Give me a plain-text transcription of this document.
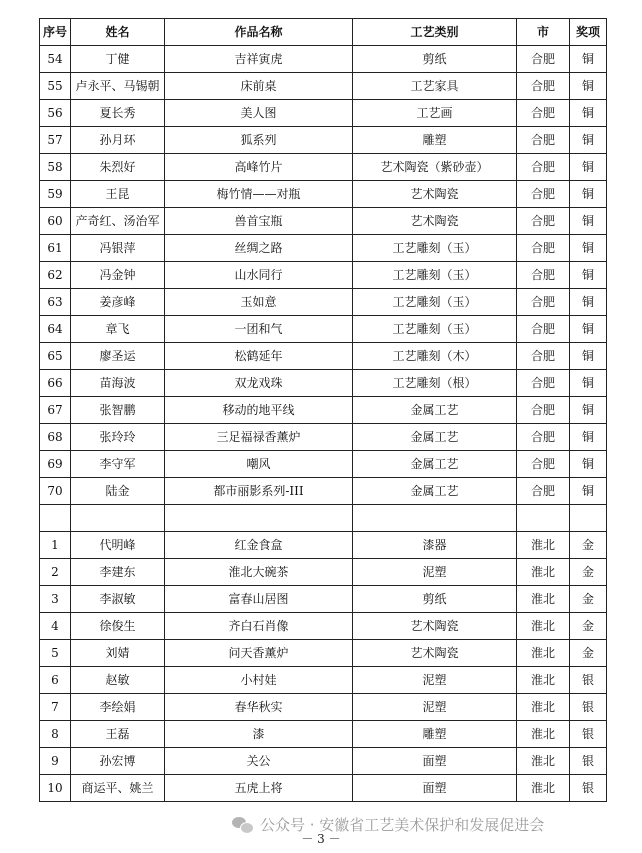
序号	姓名	作品名称	工艺类别	市	奖项
54	丁健	吉祥寅虎	剪纸	合肥	铜
55	卢永平、马锡朝	床前桌	工艺家具	合肥	铜
56	夏长秀	美人图	工艺画	合肥	铜
57	孙月环	狐系列	雕塑	合肥	铜
58	朱烈好	高峰竹片	艺术陶瓷（紫砂壶）	合肥	铜
59	王昆	梅竹情——对瓶	艺术陶瓷	合肥	铜
60	产奇红、汤治军	兽首宝瓶	艺术陶瓷	合肥	铜
61	冯银萍	丝绸之路	工艺雕刻（玉）	合肥	铜
62	冯金钟	山水同行	工艺雕刻（玉）	合肥	铜
63	姜彦峰	玉如意	工艺雕刻（玉）	合肥	铜
64	章飞	一团和气	工艺雕刻（玉）	合肥	铜
65	廖圣运	松鹤延年	工艺雕刻（木）	合肥	铜
66	苗海波	双龙戏珠	工艺雕刻（根）	合肥	铜
67	张智鹏	移动的地平线	金属工艺	合肥	铜
68	张玲玲	三足福禄香薰炉	金属工艺	合肥	铜
69	李守军	嘲风	金属工艺	合肥	铜
70	陆金	都市丽影系列-III	金属工艺	合肥	铜

1	代明峰	红金食盒	漆器	淮北	金
2	李建东	淮北大碗茶	泥塑	淮北	金
3	李淑敏	富春山居图	剪纸	淮北	金
4	徐俊生	齐白石肖像	艺术陶瓷	淮北	金
5	刘婧	问天香薰炉	艺术陶瓷	淮北	金
6	赵敏	小村娃	泥塑	淮北	银
7	李绘娟	春华秋实	泥塑	淮北	银
8	王磊	漆	雕塑	淮北	银
9	孙宏博	关公	面塑	淮北	银
10	商运平、姚兰	五虎上将	面塑	淮北	银
公众号 · 安徽省工艺美术保护和发展促进会
－ 3 －
